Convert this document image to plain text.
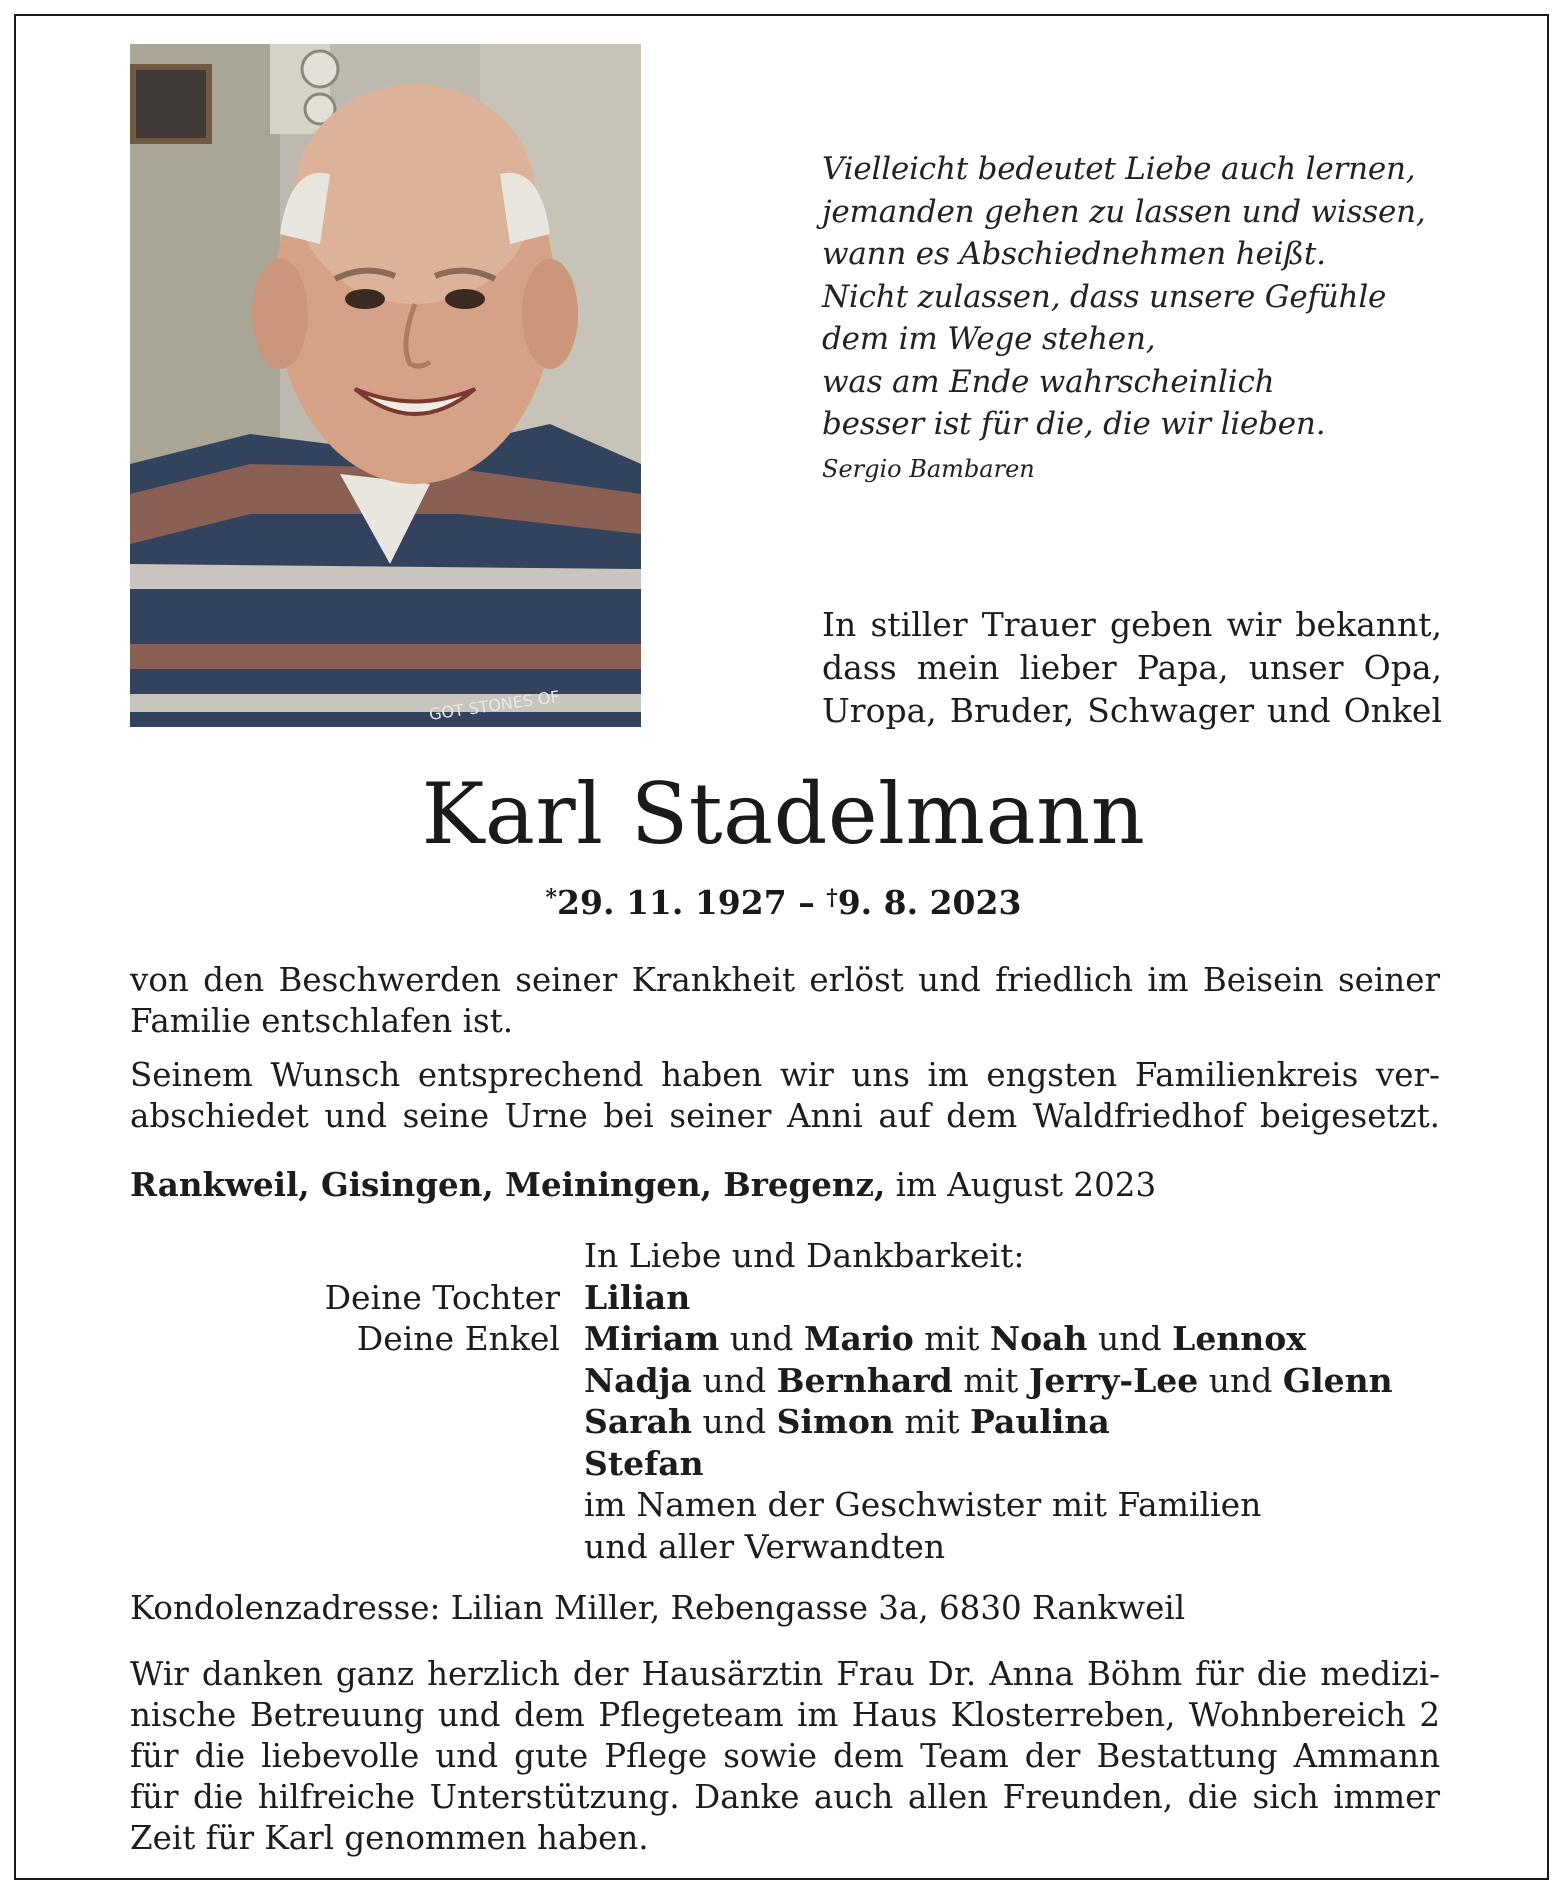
GOT STONES OF
Vielleicht bedeutet Liebe auch lernen,
jemanden gehen zu lassen und wissen,
wann es Abschiednehmen heißt.
Nicht zulassen, dass unsere Gefühle
dem im Wege stehen,
was am Ende wahrscheinlich
besser ist für die, die wir lieben.
Sergio Bambaren
In stiller Trauer geben wir bekannt,
dass mein lieber Papa, unser Opa,
Uropa, Bruder, Schwager und Onkel
Karl Stadelmann
*29. 11. 1927 – †9. 8. 2023
von den Beschwerden seiner Krankheit erlöst und friedlich im Beisein seiner
Familie entschlafen ist.
Seinem Wunsch entsprechend haben wir uns im engsten Familienkreis ver-
abschiedet und seine Urne bei seiner Anni auf dem Waldfriedhof beigesetzt.
Rankweil, Gisingen, Meiningen, Bregenz, im August 2023
In Liebe und Dankbarkeit:
Deine Tochter Lilian
Deine Enkel Miriam und Mario mit Noah und Lennox
Nadja und Bernhard mit Jerry-Lee und Glenn
Sarah und Simon mit Paulina
Stefan
im Namen der Geschwister mit Familien
und aller Verwandten
Kondolenzadresse: Lilian Miller, Rebengasse 3a, 6830 Rankweil
Wir danken ganz herzlich der Hausärztin Frau Dr. Anna Böhm für die medizi-
nische Betreuung und dem Pflegeteam im Haus Klosterreben, Wohnbereich 2
für die liebevolle und gute Pflege sowie dem Team der Bestattung Ammann
für die hilfreiche Unterstützung. Danke auch allen Freunden, die sich immer
Zeit für Karl genommen haben.
